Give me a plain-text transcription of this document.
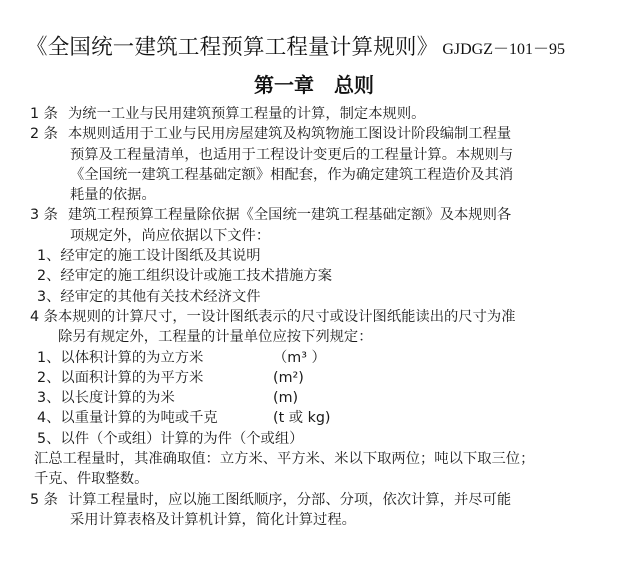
《全国统一建筑工程预算工程量计算规则》 GJDGZ－101－95
第一章　总则
1 条 为统一工业与民用建筑预算工程量的计算，制定本规则。
2 条 本规则适用于工业与民用房屋建筑及构筑物施工图设计阶段编制工程量
预算及工程量清单，也适用于工程设计变更后的工程量计算。本规则与
《全国统一建筑工程基础定额》相配套，作为确定建筑工程造价及其消
耗量的依据。
3 条 建筑工程预算工程量除依据《全国统一建筑工程基础定额》及本规则各
项规定外，尚应依据以下文件：
1、经审定的施工设计图纸及其说明
2、经审定的施工组织设计或施工技术措施方案
3、经审定的其他有关技术经济文件
4 条 本规则的计算尺寸，一设计图纸表示的尺寸或设计图纸能读出的尺寸为准
除另有规定外，工程量的计量单位应按下列规定：
1、以体积计算的为立方米	（m³ ）
2、以面积计算的为平方米	(m²)
3、以长度计算的为米	(m)
4、以重量计算的为吨或千克	(t 或 kg)
5、以件（个或组）计算的为件（个或组）
汇总工程量时，其准确取值：立方米、平方米、米以下取两位；吨以下取三位；
千克、件取整数。
5 条 计算工程量时，应以施工图纸顺序，分部、分项，依次计算，并尽可能
采用计算表格及计算机计算，简化计算过程。
